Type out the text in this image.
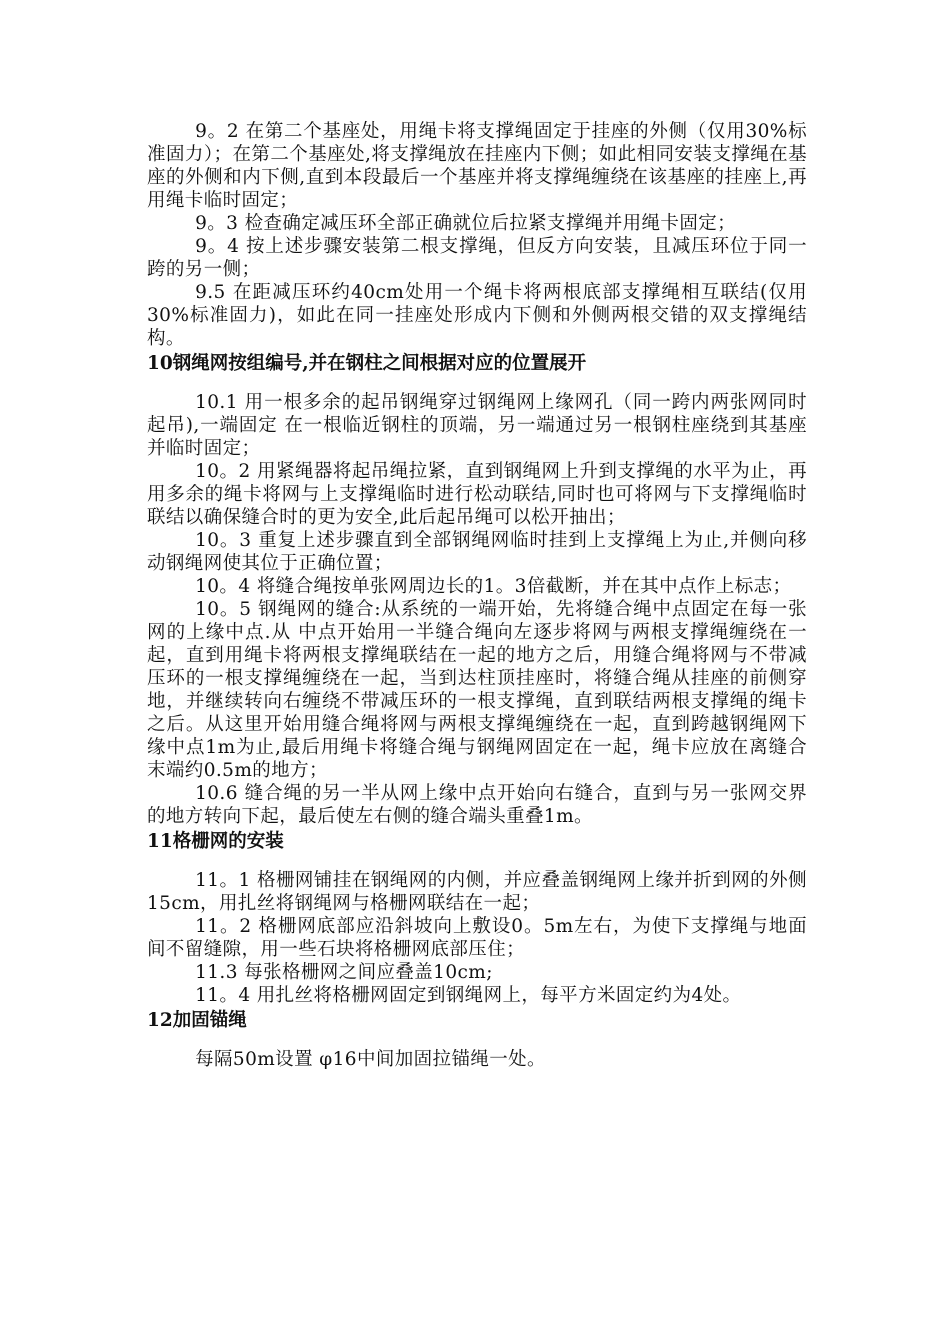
9。2 在第二个基座处，用绳卡将支撑绳固定于挂座的外侧（仅用30%标准固力）；在第二个基座处,将支撑绳放在挂座内下侧；如此相同安装支撑绳在基座的外侧和内下侧,直到本段最后一个基座并将支撑绳缠绕在该基座的挂座上,再用绳卡临时固定；

9。3 检查确定减压环全部正确就位后拉紧支撑绳并用绳卡固定；

9。4 按上述步骤安装第二根支撑绳，但反方向安装，且减压环位于同一跨的另一侧；

9.5 在距减压环约40cm处用一个绳卡将两根底部支撑绳相互联结(仅用30%标准固力)，如此在同一挂座处形成内下侧和外侧两根交错的双支撑绳结构。

10钢绳网按组编号,并在钢柱之间根据对应的位置展开

10.1 用一根多余的起吊钢绳穿过钢绳网上缘网孔（同一跨内两张网同时起吊),一端固定 在一根临近钢柱的顶端，另一端通过另一根钢柱座绕到其基座并临时固定；

10。2 用紧绳器将起吊绳拉紧，直到钢绳网上升到支撑绳的水平为止，再用多余的绳卡将网与上支撑绳临时进行松动联结,同时也可将网与下支撑绳临时联结以确保缝合时的更为安全,此后起吊绳可以松开抽出；

10。3 重复上述步骤直到全部钢绳网临时挂到上支撑绳上为止,并侧向移动钢绳网使其位于正确位置；

10。4 将缝合绳按单张网周边长的1。3倍截断，并在其中点作上标志；

10。5 钢绳网的缝合:从系统的一端开始，先将缝合绳中点固定在每一张网的上缘中点.从 中点开始用一半缝合绳向左逐步将网与两根支撑绳缠绕在一起，直到用绳卡将两根支撑绳联结在一起的地方之后，用缝合绳将网与不带减压环的一根支撑绳缠绕在一起，当到达柱顶挂座时，将缝合绳从挂座的前侧穿地，并继续转向右缠绕不带减压环的一根支撑绳，直到联结两根支撑绳的绳卡之后。从这里开始用缝合绳将网与两根支撑绳缠绕在一起，直到跨越钢绳网下缘中点1m为止,最后用绳卡将缝合绳与钢绳网固定在一起，绳卡应放在离缝合末端约0.5m的地方；

10.6 缝合绳的另一半从网上缘中点开始向右缝合，直到与另一张网交界的地方转向下起，最后使左右侧的缝合端头重叠1m。

11格栅网的安装

11。1 格栅网铺挂在钢绳网的内侧，并应叠盖钢绳网上缘并折到网的外侧15cm，用扎丝将钢绳网与格栅网联结在一起；

11。2 格栅网底部应沿斜坡向上敷设0。5m左右，为使下支撑绳与地面间不留缝隙，用一些石块将格栅网底部压住；

11.3 每张格栅网之间应叠盖10cm;

11。4 用扎丝将格栅网固定到钢绳网上，每平方米固定约为4处。

12加固锚绳

每隔50m设置 φ16中间加固拉锚绳一处。
